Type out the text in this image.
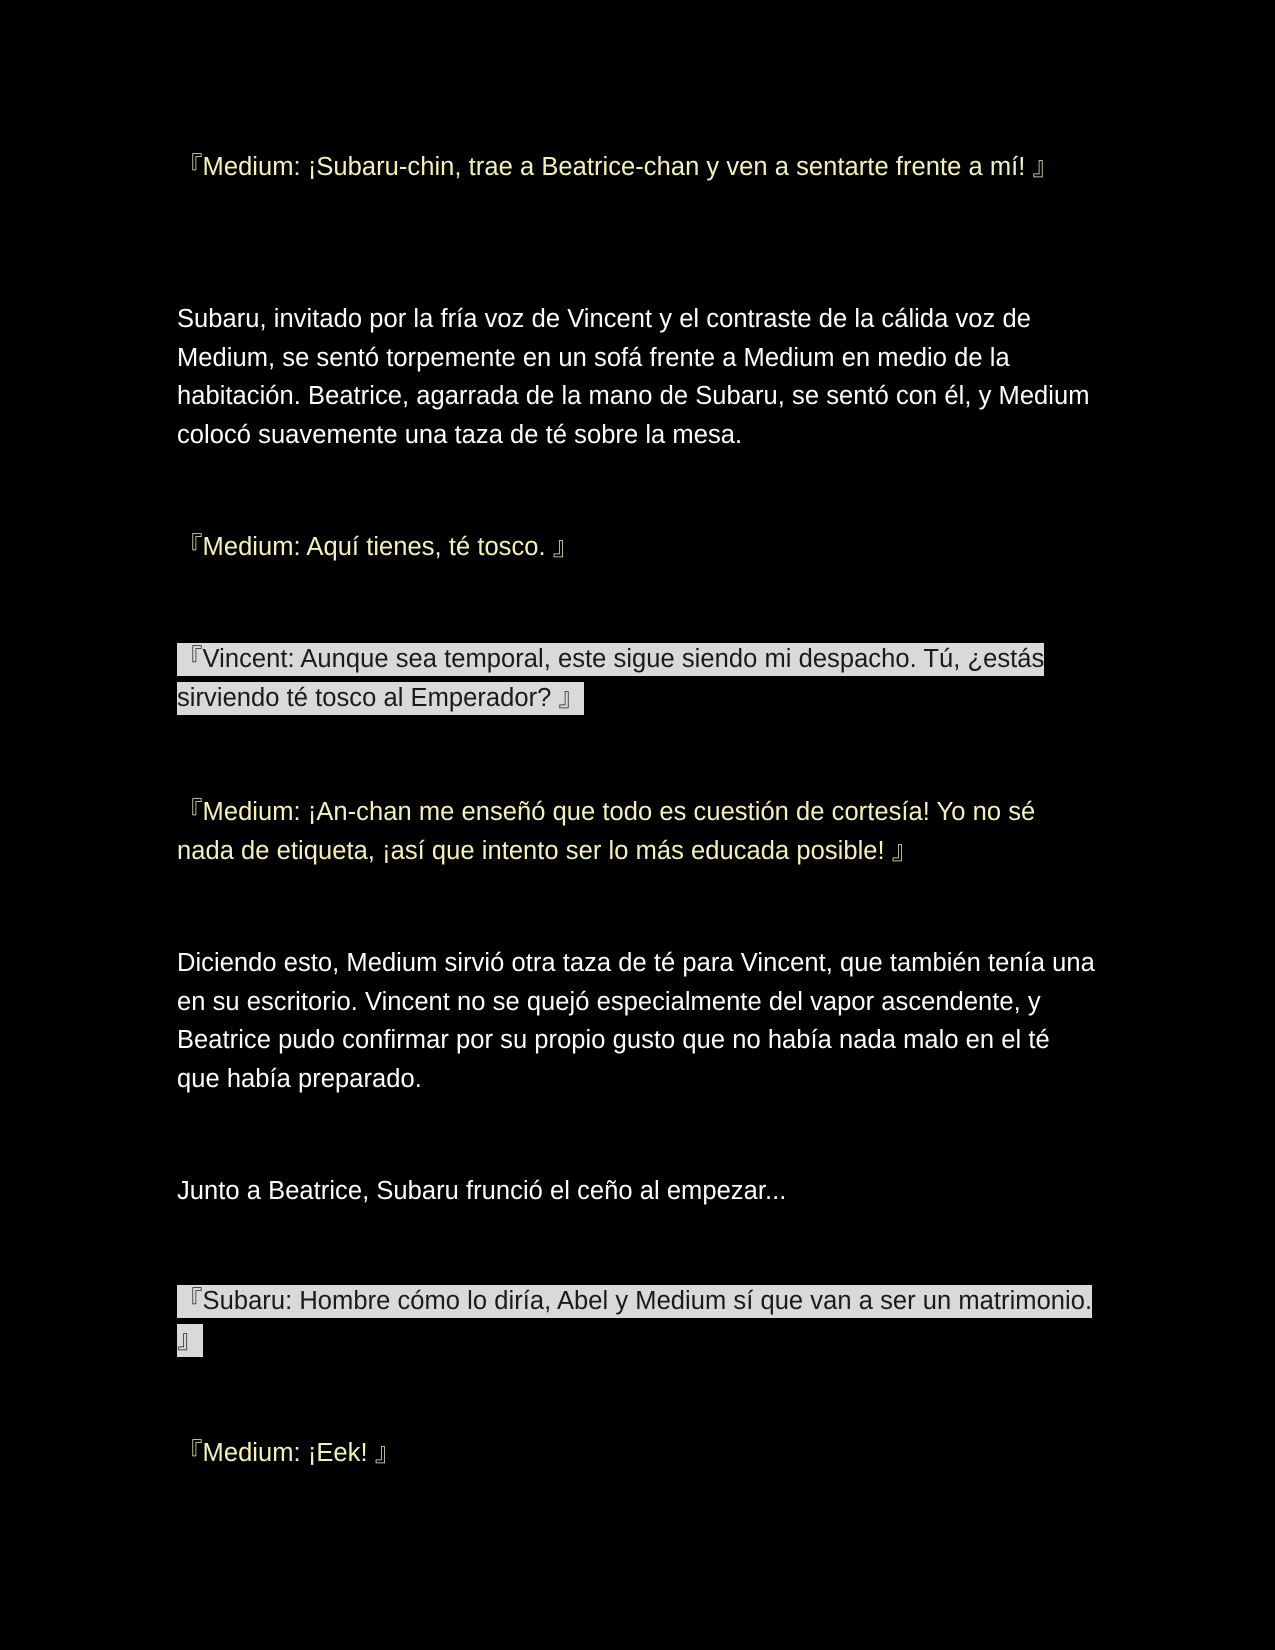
『Medium: ¡Subaru-chin, trae a Beatrice-chan y ven a sentarte frente a mí! 』

Subaru, invitado por la fría voz de Vincent y el contraste de la cálida voz de Medium, se sentó torpemente en un sofá frente a Medium en medio de la habitación. Beatrice, agarrada de la mano de Subaru, se sentó con él, y Medium colocó suavemente una taza de té sobre la mesa.

『Medium: Aquí tienes, té tosco. 』

『Vincent: Aunque sea temporal, este sigue siendo mi despacho. Tú, ¿estás sirviendo té tosco al Emperador? 』

『Medium: ¡An-chan me enseñó que todo es cuestión de cortesía! Yo no sé nada de etiqueta, ¡así que intento ser lo más educada posible! 』

Diciendo esto, Medium sirvió otra taza de té para Vincent, que también tenía una en su escritorio. Vincent no se quejó especialmente del vapor ascendente, y Beatrice pudo confirmar por su propio gusto que no había nada malo en el té que había preparado.

Junto a Beatrice, Subaru frunció el ceño al empezar...

『Subaru: Hombre cómo lo diría, Abel y Medium sí que van a ser un matrimonio. 』

『Medium: ¡Eek! 』
